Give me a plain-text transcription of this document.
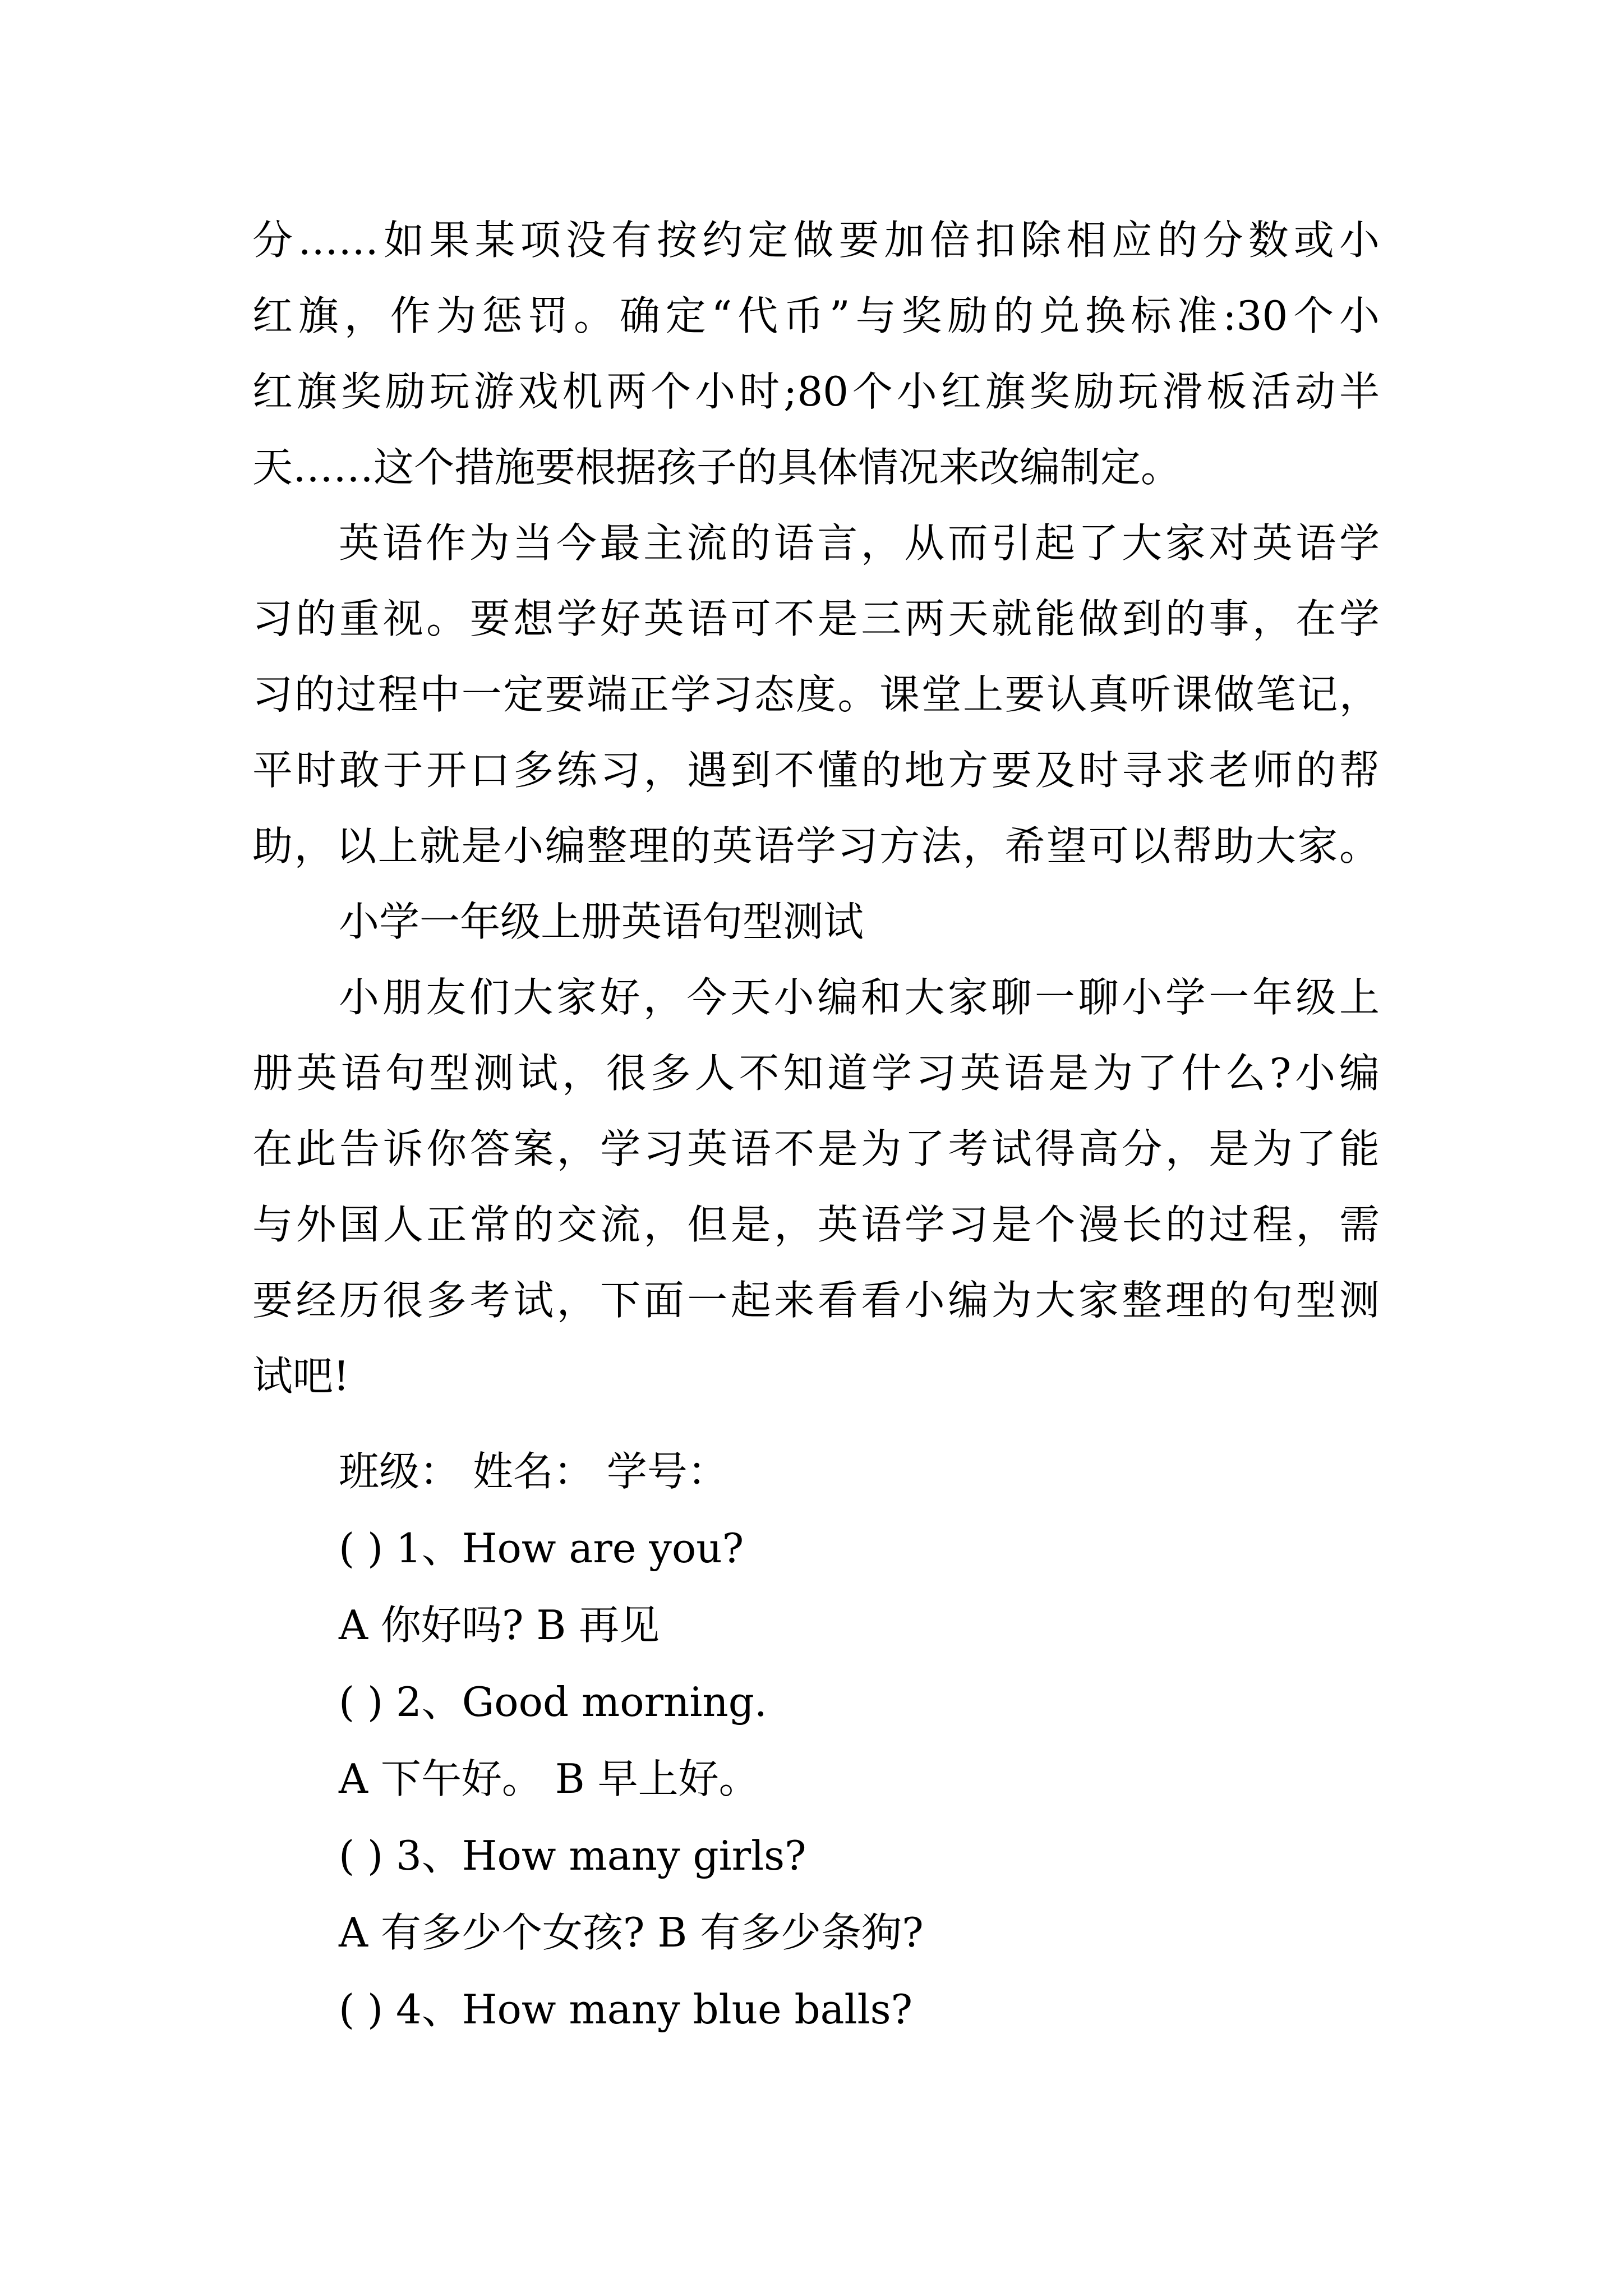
分……如果某项没有按约定做要加倍扣除相应的分数或小
红旗，作为惩罚。确定“代币”与奖励的兑换标准:30个小
红旗奖励玩游戏机两个小时;80个小红旗奖励玩滑板活动半
天……这个措施要根据孩子的具体情况来改编制定。
英语作为当今最主流的语言，从而引起了大家对英语学
习的重视。要想学好英语可不是三两天就能做到的事，在学
习的过程中一定要端正学习态度。课堂上要认真听课做笔记，
平时敢于开口多练习，遇到不懂的地方要及时寻求老师的帮
助，以上就是小编整理的英语学习方法，希望可以帮助大家。
小学一年级上册英语句型测试
小朋友们大家好，今天小编和大家聊一聊小学一年级上
册英语句型测试，很多人不知道学习英语是为了什么?小编
在此告诉你答案，学习英语不是为了考试得高分，是为了能
与外国人正常的交流，但是，英语学习是个漫长的过程，需
要经历很多考试，下面一起来看看小编为大家整理的句型测
试吧!
班级： 姓名： 学号：
( ) 1、How are you?
A 你好吗? B 再见
( ) 2、Good morning.
A 下午好。 B 早上好。
( ) 3、How many girls?
A 有多少个女孩? B 有多少条狗?
( ) 4、How many blue balls?
